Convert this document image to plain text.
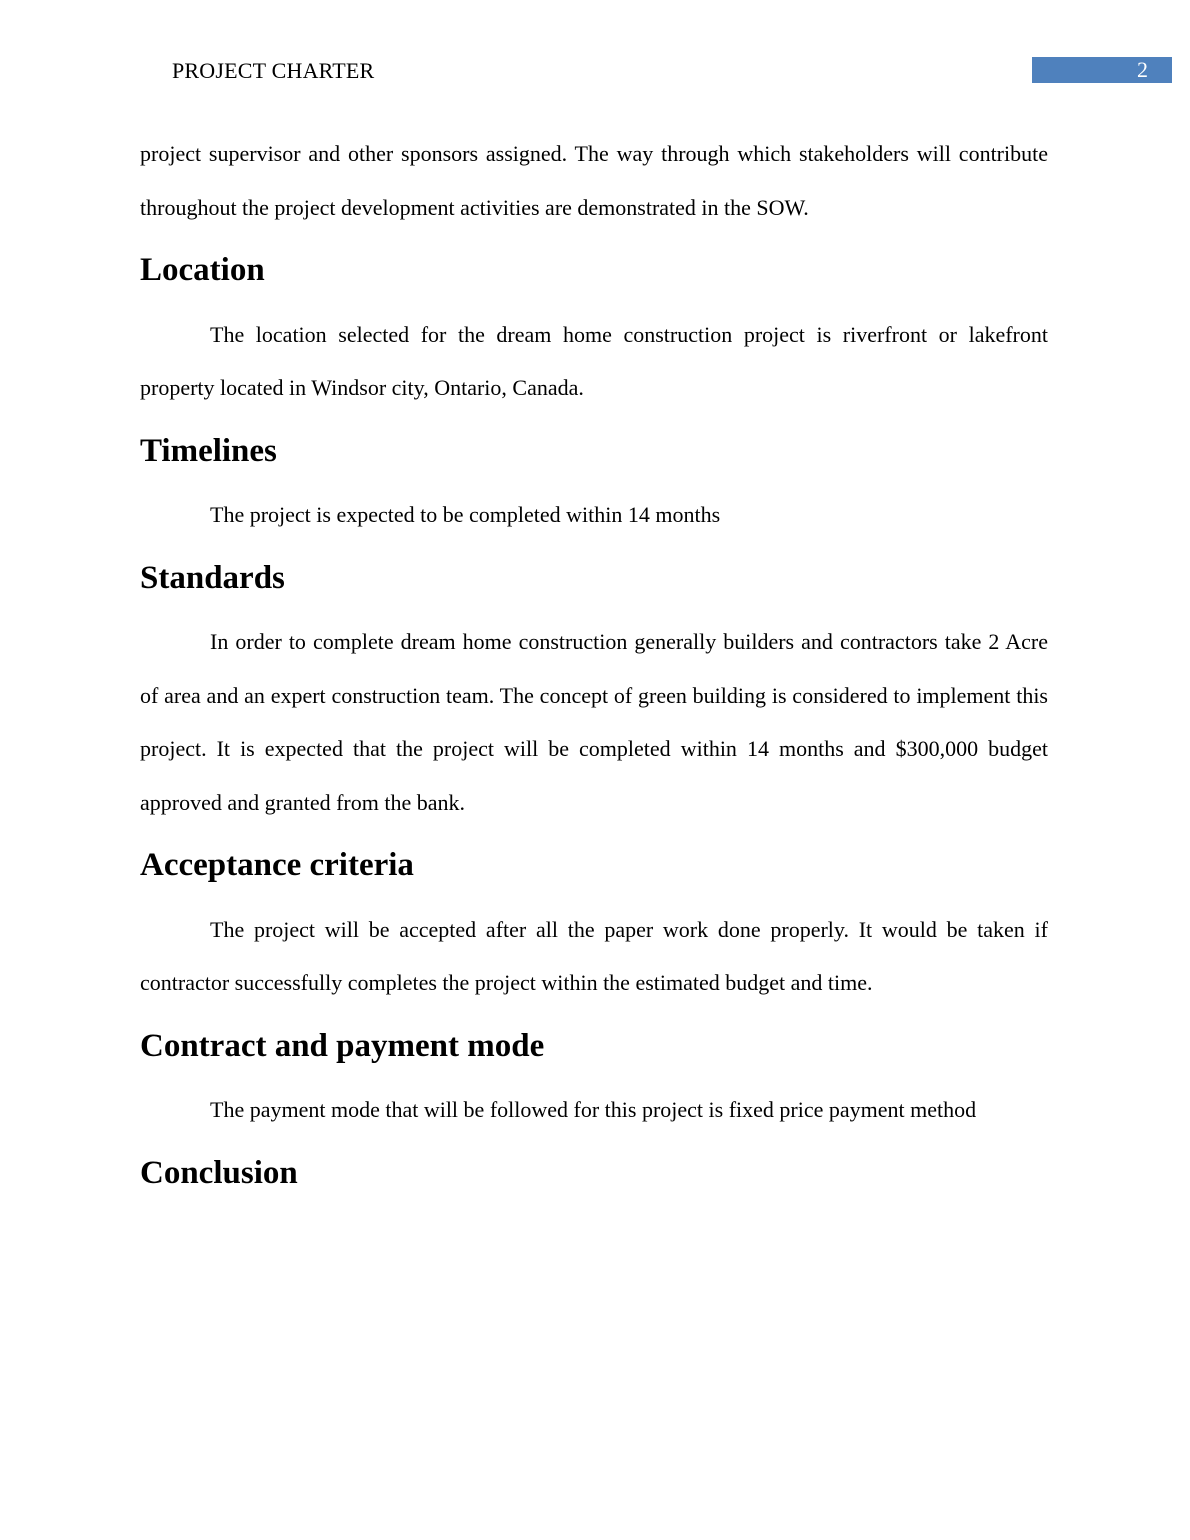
PROJECT CHARTER	2

project supervisor and other sponsors assigned. The way through which stakeholders will contribute throughout the project development activities are demonstrated in the SOW.

Location

The location selected for the dream home construction project is riverfront or lakefront property located in Windsor city, Ontario, Canada.

Timelines

The project is expected to be completed within 14 months

Standards

In order to complete dream home construction generally builders and contractors take 2 Acre of area and an expert construction team. The concept of green building is considered to implement this project. It is expected that the project will be completed within 14 months and $300,000 budget approved and granted from the bank.

Acceptance criteria

The project will be accepted after all the paper work done properly. It would be taken if contractor successfully completes the project within the estimated budget and time.

Contract and payment mode

The payment mode that will be followed for this project is fixed price payment method

Conclusion
